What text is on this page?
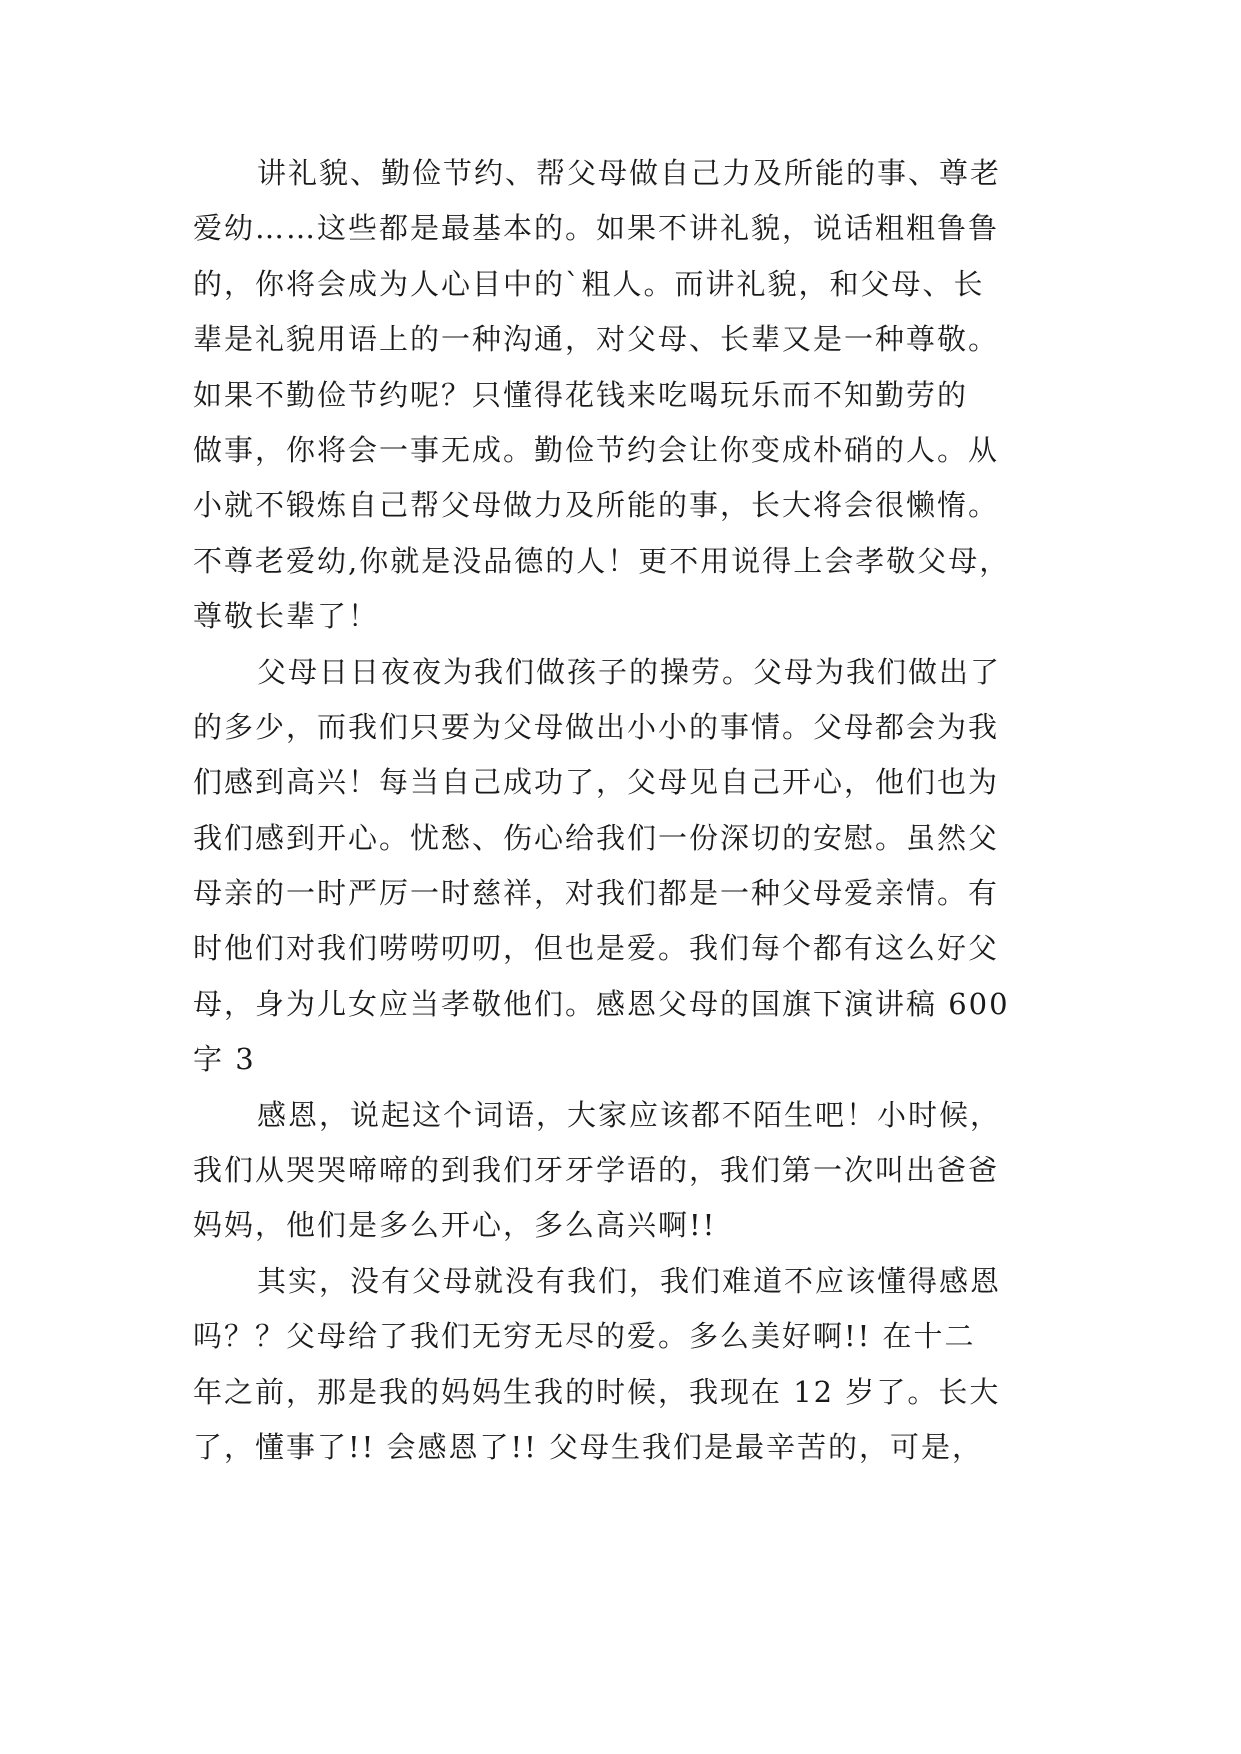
讲礼貌、勤俭节约、帮父母做自己力及所能的事、尊老
爱幼……这些都是最基本的。如果不讲礼貌，说话粗粗鲁鲁
的，你将会成为人心目中的`粗人。而讲礼貌，和父母、长
辈是礼貌用语上的一种沟通，对父母、长辈又是一种尊敬。
如果不勤俭节约呢？只懂得花钱来吃喝玩乐而不知勤劳的
做事，你将会一事无成。勤俭节约会让你变成朴硝的人。从
小就不锻炼自己帮父母做力及所能的事，长大将会很懒惰。
不尊老爱幼,你就是没品德的人！更不用说得上会孝敬父母，
尊敬长辈了！
父母日日夜夜为我们做孩子的操劳。父母为我们做出了
的多少，而我们只要为父母做出小小的事情。父母都会为我
们感到高兴！每当自己成功了，父母见自己开心，他们也为
我们感到开心。忧愁、伤心给我们一份深切的安慰。虽然父
母亲的一时严厉一时慈祥，对我们都是一种父母爱亲情。有
时他们对我们唠唠叨叨，但也是爱。我们每个都有这么好父
母，身为儿女应当孝敬他们。感恩父母的国旗下演讲稿 600
字 3
感恩，说起这个词语，大家应该都不陌生吧！小时候，
我们从哭哭啼啼的到我们牙牙学语的，我们第一次叫出爸爸
妈妈，他们是多么开心，多么高兴啊!!
其实，没有父母就没有我们，我们难道不应该懂得感恩
吗？？父母给了我们无穷无尽的爱。多么美好啊!! 在十二
年之前，那是我的妈妈生我的时候，我现在 12 岁了。长大
了，懂事了!! 会感恩了!! 父母生我们是最辛苦的，可是，
